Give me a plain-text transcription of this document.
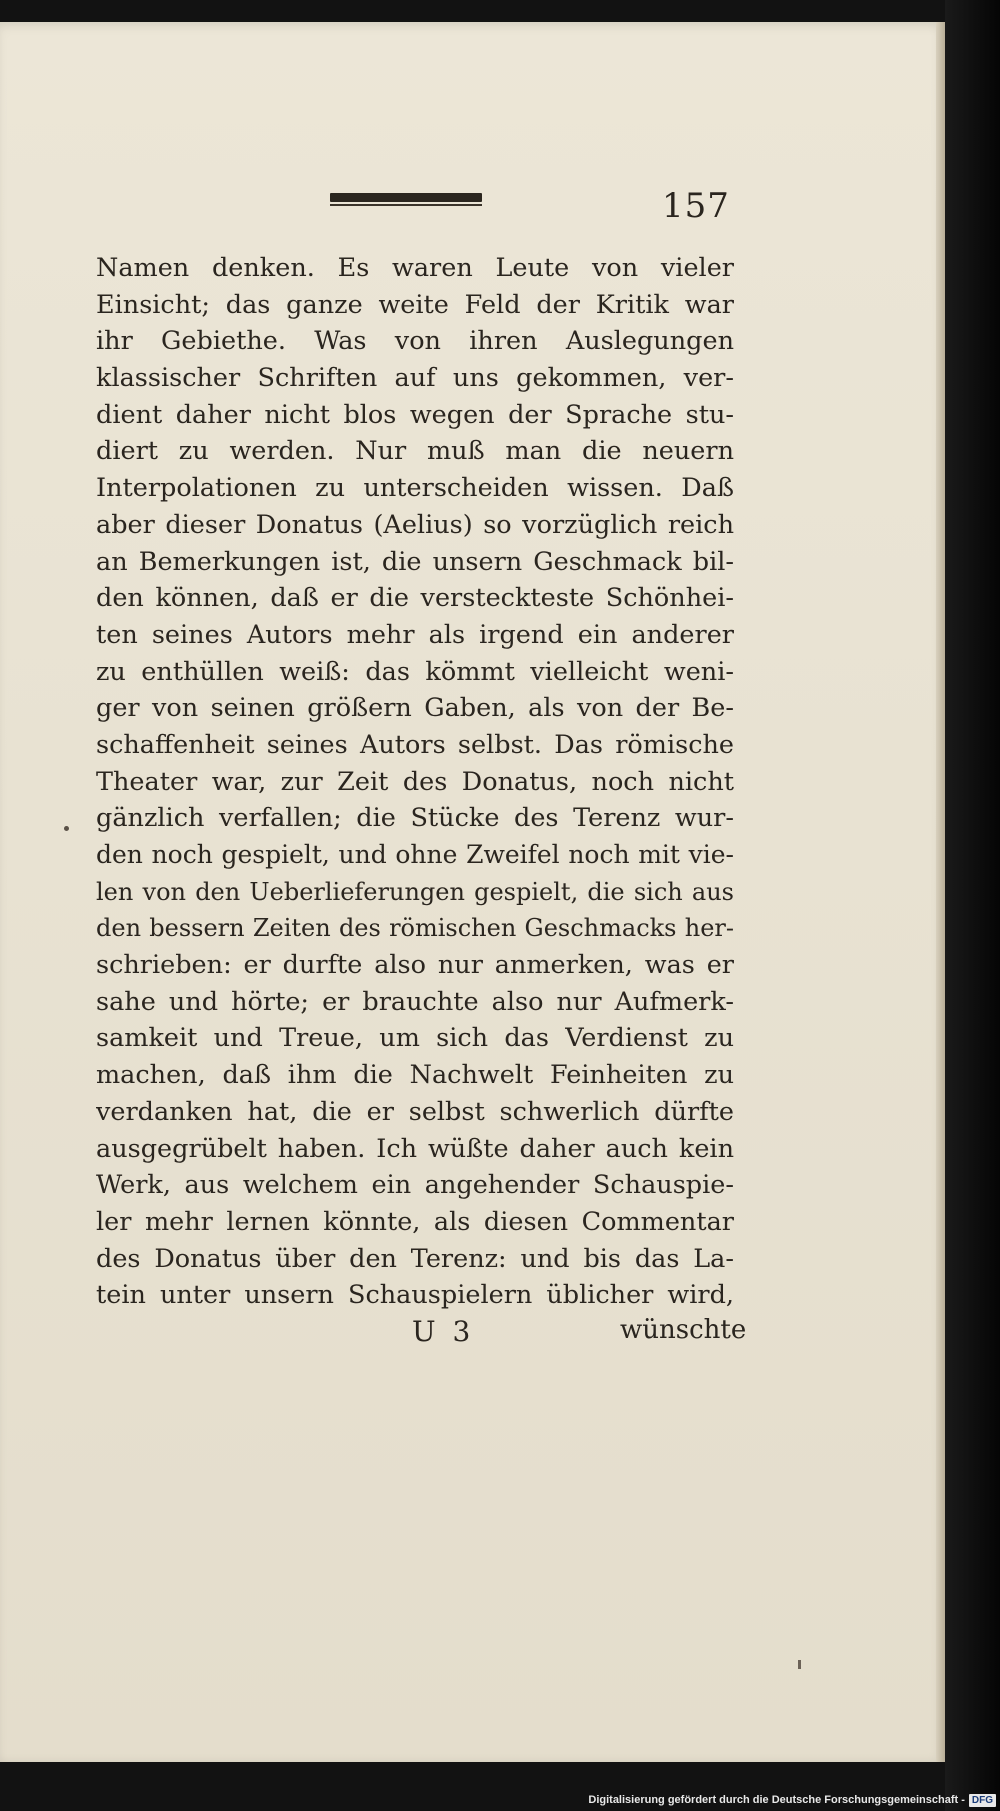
157
Namen denken. Es waren Leute von vieler
Einsicht; das ganze weite Feld der Kritik war
ihr Gebiethe. Was von ihren Auslegungen
klassischer Schriften auf uns gekommen, ver-
dient daher nicht blos wegen der Sprache stu-
diert zu werden. Nur muß man die neuern
Interpolationen zu unterscheiden wissen. Daß
aber dieser Donatus (Aelius) so vorzüglich reich
an Bemerkungen ist, die unsern Geschmack bil-
den können, daß er die versteckteste Schönhei-
ten seines Autors mehr als irgend ein anderer
zu enthüllen weiß: das kömmt vielleicht weni-
ger von seinen größern Gaben, als von der Be-
schaffenheit seines Autors selbst. Das römische
Theater war, zur Zeit des Donatus, noch nicht
gänzlich verfallen; die Stücke des Terenz wur-
den noch gespielt, und ohne Zweifel noch mit vie-
len von den Ueberlieferungen gespielt, die sich aus
den bessern Zeiten des römischen Geschmacks her-
schrieben: er durfte also nur anmerken, was er
sahe und hörte; er brauchte also nur Aufmerk-
samkeit und Treue, um sich das Verdienst zu
machen, daß ihm die Nachwelt Feinheiten zu
verdanken hat, die er selbst schwerlich dürfte
ausgegrübelt haben. Ich wüßte daher auch kein
Werk, aus welchem ein angehender Schauspie-
ler mehr lernen könnte, als diesen Commentar
des Donatus über den Terenz: und bis das La-
tein unter unsern Schauspielern üblicher wird,
U 3	wünschte
Digitalisierung gefördert durch die Deutsche Forschungsgemeinschaft - DFG
